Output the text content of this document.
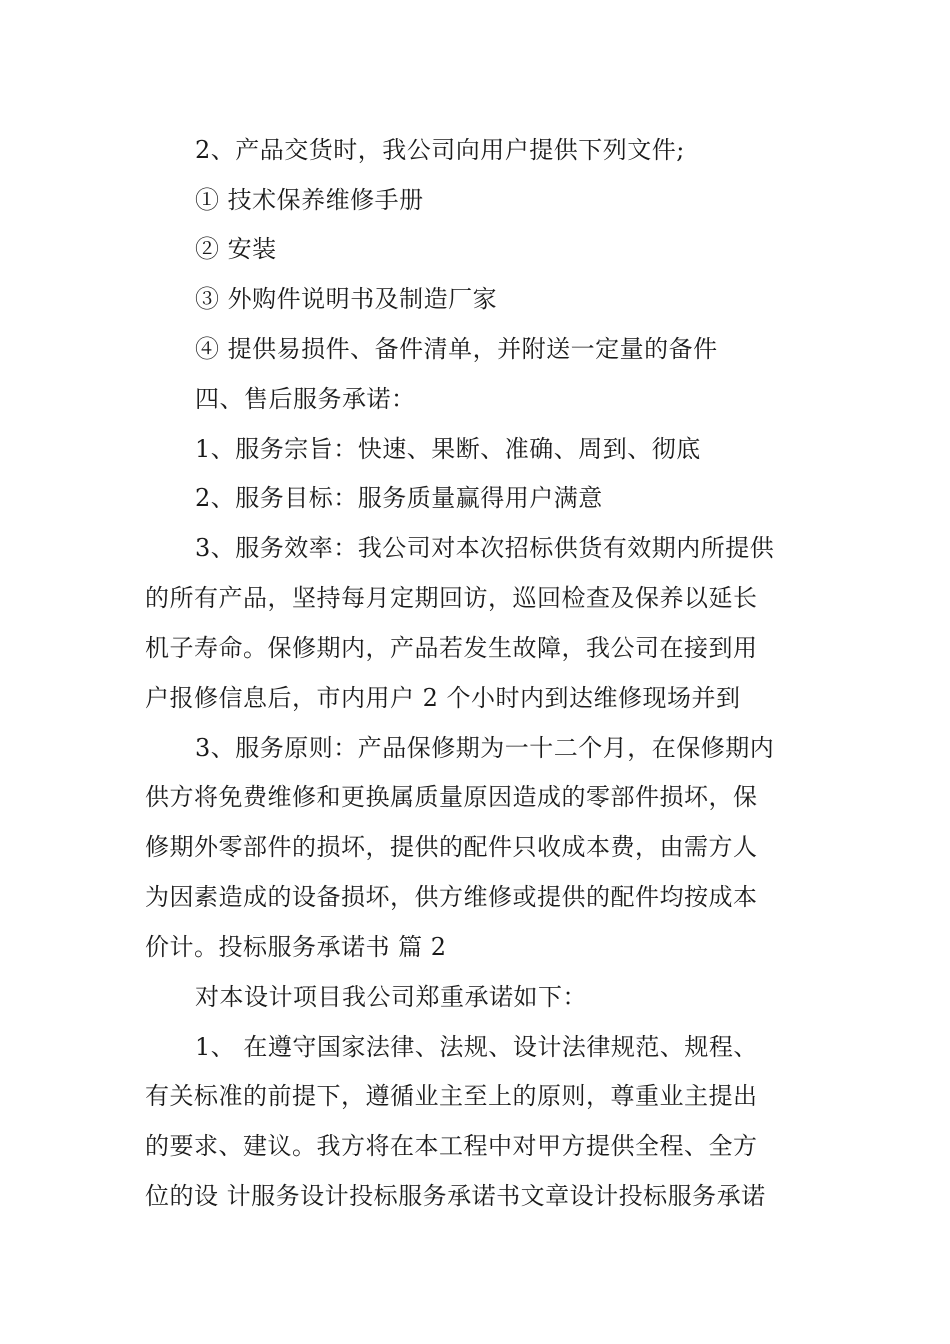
2、产品交货时，我公司向用户提供下列文件;
① 技术保养维修手册
② 安装
③ 外购件说明书及制造厂家
④ 提供易损件、备件清单，并附送一定量的备件
四、售后服务承诺：
1、服务宗旨：快速、果断、准确、周到、彻底
2、服务目标：服务质量赢得用户满意
3、服务效率：我公司对本次招标供货有效期内所提供
的所有产品，坚持每月定期回访，巡回检查及保养以延长
机子寿命。保修期内，产品若发生故障，我公司在接到用
户报修信息后，市内用户 2 个小时内到达维修现场并到
3、服务原则：产品保修期为一十二个月，在保修期内
供方将免费维修和更换属质量原因造成的零部件损坏，保
修期外零部件的损坏，提供的配件只收成本费，由需方人
为因素造成的设备损坏，供方维修或提供的配件均按成本
价计。投标服务承诺书 篇 2
对本设计项目我公司郑重承诺如下：
1、 在遵守国家法律、法规、设计法律规范、规程、
有关标准的前提下，遵循业主至上的原则，尊重业主提出
的要求、建议。我方将在本工程中对甲方提供全程、全方
位的设 计服务设计投标服务承诺书文章设计投标服务承诺
